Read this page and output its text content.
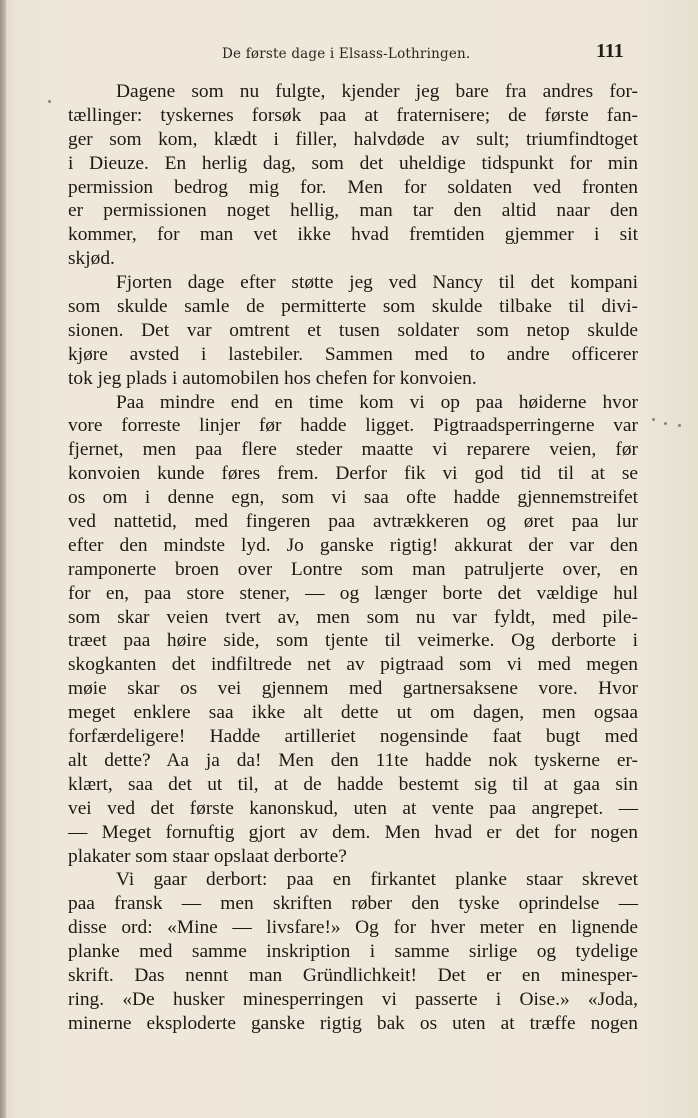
De første dage i Elsass-Lothringen.	111
Dagene som nu fulgte, kjender jeg bare fra andres for-
tællinger: tyskernes forsøk paa at fraternisere; de første fan-
ger som kom, klædt i filler, halvdøde av sult; triumfindtoget
i Dieuze. En herlig dag, som det uheldige tidspunkt for min
permission bedrog mig for. Men for soldaten ved fronten
er permissionen noget hellig, man tar den altid naar den
kommer, for man vet ikke hvad fremtiden gjemmer i sit
skjød.
Fjorten dage efter støtte jeg ved Nancy til det kompani
som skulde samle de permitterte som skulde tilbake til divi-
sionen. Det var omtrent et tusen soldater som netop skulde
kjøre avsted i lastebiler. Sammen med to andre officerer
tok jeg plads i automobilen hos chefen for konvoien.
Paa mindre end en time kom vi op paa høiderne hvor
vore forreste linjer før hadde ligget. Pigtraadsperringerne var
fjernet, men paa flere steder maatte vi reparere veien, før
konvoien kunde føres frem. Derfor fik vi god tid til at se
os om i denne egn, som vi saa ofte hadde gjennemstreifet
ved nattetid, med fingeren paa avtrækkeren og øret paa lur
efter den mindste lyd. Jo ganske rigtig! akkurat der var den
ramponerte broen over Lontre som man patruljerte over, en
for en, paa store stener, — og længer borte det vældige hul
som skar veien tvert av, men som nu var fyldt, med pile-
træet paa høire side, som tjente til veimerke. Og derborte i
skogkanten det indfiltrede net av pigtraad som vi med megen
møie skar os vei gjennem med gartnersaksene vore. Hvor
meget enklere saa ikke alt dette ut om dagen, men ogsaa
forfærdeligere! Hadde artilleriet nogensinde faat bugt med
alt dette? Aa ja da! Men den 11te hadde nok tyskerne er-
klært, saa det ut til, at de hadde bestemt sig til at gaa sin
vei ved det første kanonskud, uten at vente paa angrepet. —
— Meget fornuftig gjort av dem. Men hvad er det for nogen
plakater som staar opslaat derborte?
Vi gaar derbort: paa en firkantet planke staar skrevet
paa fransk — men skriften røber den tyske oprindelse —
disse ord: «Mine — livsfare!» Og for hver meter en lignende
planke med samme inskription i samme sirlige og tydelige
skrift. Das nennt man Gründlichkeit! Det er en minesper-
ring. «De husker minesperringen vi passerte i Oise.» «Joda,
minerne eksploderte ganske rigtig bak os uten at træffe nogen
